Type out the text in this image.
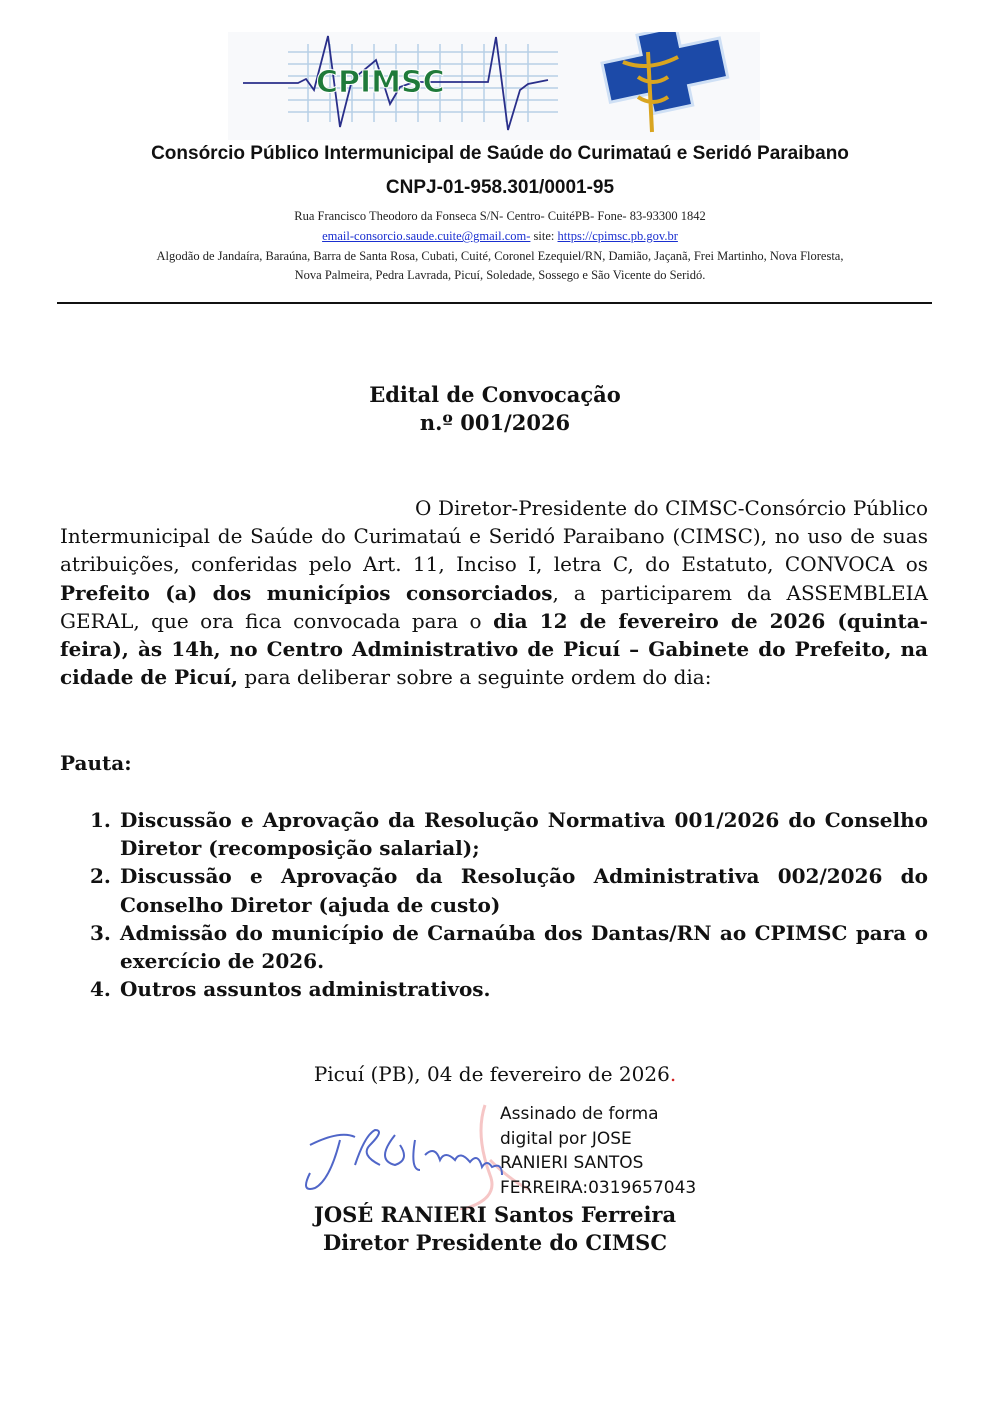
CPIMSC
Consórcio Público Intermunicipal de Saúde do Curimataú e Seridó Paraibano
CNPJ-01-958.301/0001-95
Rua Francisco Theodoro da Fonseca S/N- Centro- CuitéPB- Fone- 83-93300 1842
email-consorcio.saude.cuite@gmail.com- site: https://cpimsc.pb.gov.br
Algodão de Jandaíra, Baraúna, Barra de Santa Rosa, Cubati, Cuité, Coronel Ezequiel/RN, Damião, Jaçanã, Frei Martinho, Nova Floresta,
Nova Palmeira, Pedra Lavrada, Picuí, Soledade, Sossego e São Vicente do Seridó.
Edital de Convocação
n.º 001/2026
O Diretor-Presidente do CIMSC-Consórcio Público Intermunicipal de Saúde do Curimataú e Seridó Paraibano (CIMSC), no uso de suas atribuições, conferidas pelo Art. 11, Inciso I, letra C, do Estatuto, CONVOCA os Prefeito (a) dos municípios consorciados, a participarem da ASSEMBLEIA GERAL, que ora fica convocada para o dia 12 de fevereiro de 2026 (quinta-feira), às 14h, no Centro Administrativo de Picuí – Gabinete do Prefeito, na cidade de Picuí, para deliberar sobre a seguinte ordem do dia:
Pauta:
1. Discussão e Aprovação da Resolução Normativa 001/2026 do Conselho Diretor (recomposição salarial);
2. Discussão e Aprovação da Resolução Administrativa 002/2026 do Conselho Diretor (ajuda de custo)
3. Admissão do município de Carnaúba dos Dantas/RN ao CPIMSC para o exercício de 2026.
4. Outros assuntos administrativos.
Picuí (PB), 04 de fevereiro de 2026.
Assinado de forma
digital por JOSE
RANIERI SANTOS
FERREIRA:0319657043
JOSÉ RANIERI Santos Ferreira
Diretor Presidente do CIMSC
